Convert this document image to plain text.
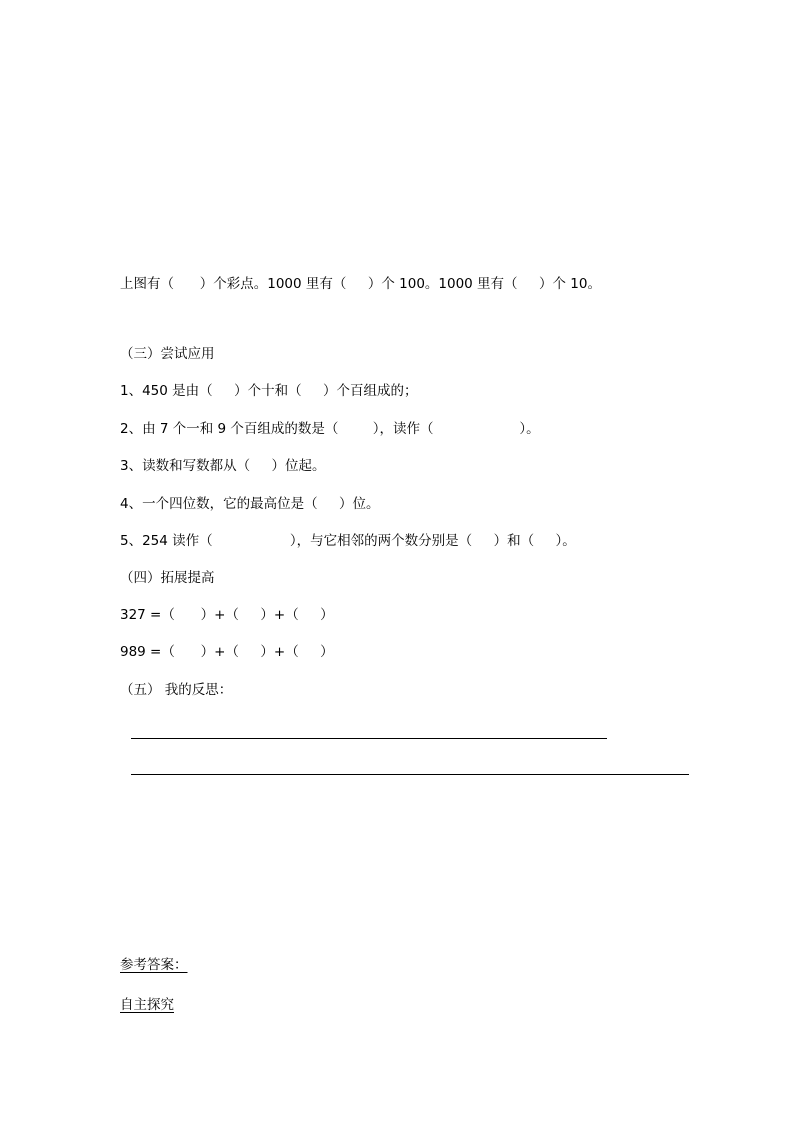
上图有（      ）个彩点。1000 里有（     ）个 100。1000 里有（     ）个 10。
（三）尝试应用
1、450 是由（     ）个十和（     ）个百组成的；
2、由 7 个一和 9 个百组成的数是（        ），读作（                    ）。
3、读数和写数都从（     ）位起。
4、一个四位数，它的最高位是（     ）位。
5、254 读作（                  ），与它相邻的两个数分别是（     ）和（     ）。
（四）拓展提高
327 =（      ）+（     ）+（     ）
989 =（      ）+（     ）+（     ）
（五） 我的反思：
参考答案：
自主探究
